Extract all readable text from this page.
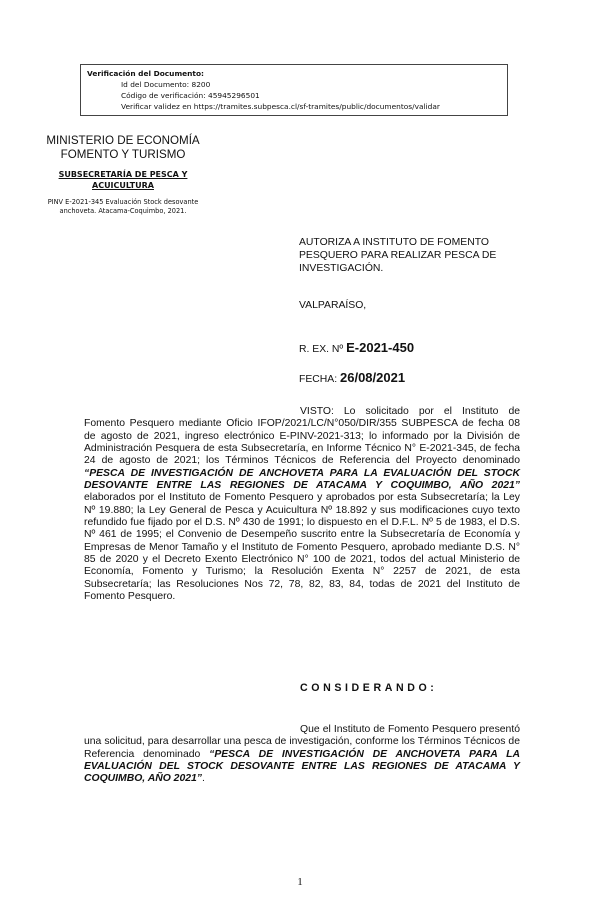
Verificación del Documento:
• Id del Documento: 8200
• Código de verificación: 45945296501
• Verificar validez en https://tramites.subpesca.cl/sf-tramites/public/documentos/validar
MINISTERIO DE ECONOMÍA
FOMENTO Y TURISMO
SUBSECRETARÍA DE PESCA Y
ACUICULTURA
PINV E-2021-345 Evaluación Stock desovante
anchoveta. Atacama-Coquimbo, 2021.
AUTORIZA A INSTITUTO DE FOMENTO PESQUERO PARA REALIZAR PESCA DE INVESTIGACIÓN.
VALPARAÍSO,
R. EX. Nº E-2021-450
FECHA: 26/08/2021

VISTO: Lo solicitado por el Instituto de Fomento Pesquero mediante Oficio IFOP/2021/LC/N°050/DIR/355 SUBPESCA de fecha 08 de agosto de 2021, ingreso electrónico E-PINV-2021-313; lo informado por la División de Administración Pesquera de esta Subsecretaría, en Informe Técnico N° E-2021-345, de fecha 24 de agosto de 2021; los Términos Técnicos de Referencia del Proyecto denominado “PESCA DE INVESTIGACIÓN DE ANCHOVETA PARA LA EVALUACIÓN DEL STOCK DESOVANTE ENTRE LAS REGIONES DE ATACAMA Y COQUIMBO, AÑO 2021” elaborados por el Instituto de Fomento Pesquero y aprobados por esta Subsecretaría; la Ley Nº 19.880; la Ley General de Pesca y Acuicultura Nº 18.892 y sus modificaciones cuyo texto refundido fue fijado por el D.S. Nº 430 de 1991; lo dispuesto en el D.F.L. Nº 5 de 1983, el D.S. Nº 461 de 1995; el Convenio de Desempeño suscrito entre la Subsecretaría de Economía y Empresas de Menor Tamaño y el Instituto de Fomento Pesquero, aprobado mediante D.S. N° 85 de 2020 y el Decreto Exento Electrónico N° 100 de 2021, todos del actual Ministerio de Economía, Fomento y Turismo; la Resolución Exenta N° 2257 de 2021, de esta Subsecretaría; las Resoluciones Nos 72, 78, 82, 83, 84, todas de 2021 del Instituto de Fomento Pesquero.

CONSIDERANDO:

Que el Instituto de Fomento Pesquero presentó una solicitud, para desarrollar una pesca de investigación, conforme los Términos Técnicos de Referencia denominado “PESCA DE INVESTIGACIÓN DE ANCHOVETA PARA LA EVALUACIÓN DEL STOCK DESOVANTE ENTRE LAS REGIONES DE ATACAMA Y COQUIMBO, AÑO 2021”.

1
